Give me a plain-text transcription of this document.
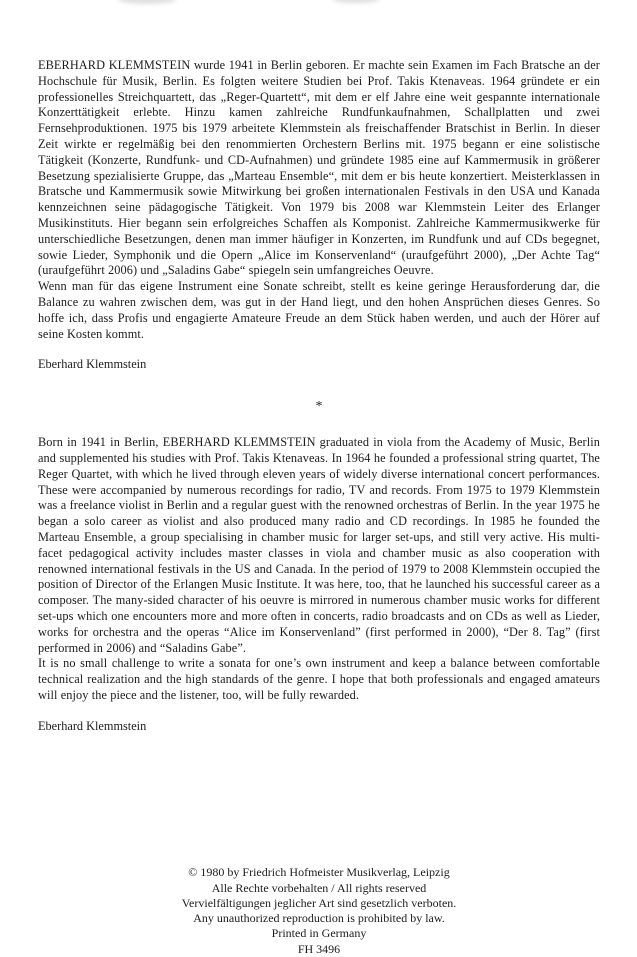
EBERHARD KLEMMSTEIN wurde 1941 in Berlin geboren. Er machte sein Examen im Fach Bratsche an der Hochschule für Musik, Berlin. Es folgten weitere Studien bei Prof. Takis Ktenaveas. 1964 gründete er ein professionelles Streichquartett, das „Reger-Quartett“, mit dem er elf Jahre eine weit gespannte internationale Konzerttätigkeit erlebte. Hinzu kamen zahlreiche Rundfunkaufnahmen, Schallplatten und zwei Fernsehproduktionen. 1975 bis 1979 arbeitete Klemmstein als freischaffender Bratschist in Berlin. In dieser Zeit wirkte er regelmäßig bei den renommierten Orchestern Berlins mit. 1975 begann er eine solistische Tätigkeit (Konzerte, Rundfunk- und CD-Aufnahmen) und gründete 1985 eine auf Kammermusik in größerer Besetzung spezialisierte Gruppe, das „Marteau Ensemble“, mit dem er bis heute konzertiert. Meisterklassen in Bratsche und Kammermusik sowie Mitwirkung bei großen internationalen Festivals in den USA und Kanada kennzeichnen seine pädagogische Tätigkeit. Von 1979 bis 2008 war Klemmstein Leiter des Erlanger Musikinstituts. Hier begann sein erfolgreiches Schaffen als Komponist. Zahlreiche Kammermusikwerke für unterschiedliche Besetzungen, denen man immer häufiger in Konzerten, im Rundfunk und auf CDs begegnet, sowie Lieder, Symphonik und die Opern „Alice im Konservenland“ (uraufgeführt 2000), „Der Achte Tag“ (uraufgeführt 2006) und „Saladins Gabe“ spiegeln sein umfangreiches Oeuvre.

Wenn man für das eigene Instrument eine Sonate schreibt, stellt es keine geringe Herausforderung dar, die Balance zu wahren zwischen dem, was gut in der Hand liegt, und den hohen Ansprüchen dieses Genres. So hoffe ich, dass Profis und engagierte Amateure Freude an dem Stück haben werden, und auch der Hörer auf seine Kosten kommt.

Eberhard Klemmstein

*

Born in 1941 in Berlin, EBERHARD KLEMMSTEIN graduated in viola from the Academy of Music, Berlin and supplemented his studies with Prof. Takis Ktenaveas. In 1964 he founded a professional string quartet, The Reger Quartet, with which he lived through eleven years of widely diverse international concert performances. These were accompanied by numerous recordings for radio, TV and records. From 1975 to 1979 Klemmstein was a freelance violist in Berlin and a regular guest with the renowned orchestras of Berlin. In the year 1975 he began a solo career as violist and also produced many radio and CD recordings. In 1985 he founded the Marteau Ensemble, a group specialising in chamber music for larger set-ups, and still very active. His multi-facet pedagogical activity includes master classes in viola and chamber music as also cooperation with renowned international festivals in the US and Canada. In the period of 1979 to 2008 Klemmstein occupied the position of Director of the Erlangen Music Institute. It was here, too, that he launched his successful career as a composer. The many-sided character of his oeuvre is mirrored in numerous chamber music works for different set-ups which one encounters more and more often in concerts, radio broadcasts and on CDs as well as Lieder, works for orchestra and the operas “Alice im Konservenland” (first performed in 2000), “Der 8. Tag” (first performed in 2006) and “Saladins Gabe”.

It is no small challenge to write a sonata for one’s own instrument and keep a balance between comfortable technical realization and the high standards of the genre. I hope that both professionals and engaged amateurs will enjoy the piece and the listener, too, will be fully rewarded.

Eberhard Klemmstein

© 1980 by Friedrich Hofmeister Musikverlag, Leipzig
Alle Rechte vorbehalten / All rights reserved
Vervielfältigungen jeglicher Art sind gesetzlich verboten.
Any unauthorized reproduction is prohibited by law.
Printed in Germany
FH 3496
